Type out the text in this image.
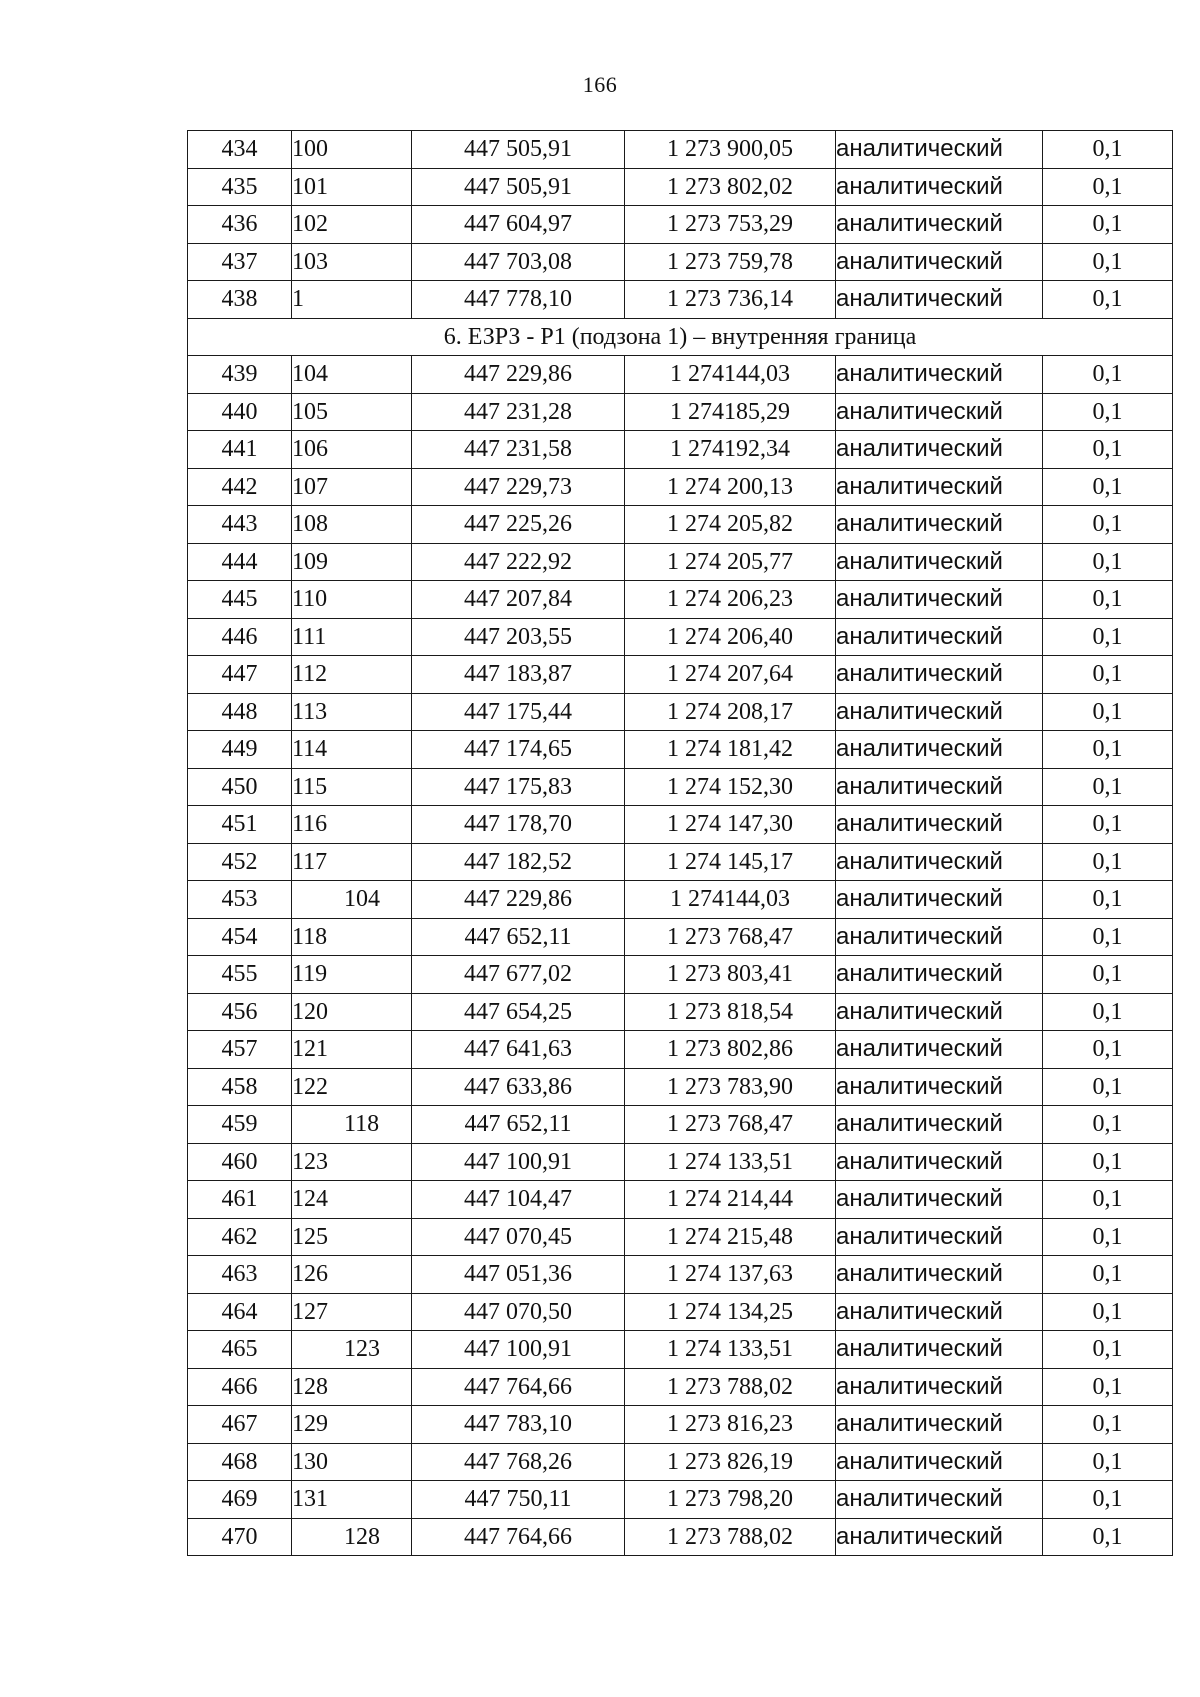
166
434	100	447 505,91	1 273 900,05	аналитический	0,1
435	101	447 505,91	1 273 802,02	аналитический	0,1
436	102	447 604,97	1 273 753,29	аналитический	0,1
437	103	447 703,08	1 273 759,78	аналитический	0,1
438	1	447 778,10	1 273 736,14	аналитический	0,1
6. ЕЗРЗ - Р1 (подзона 1) – внутренняя граница					
439	104	447 229,86	1 274144,03	аналитический	0,1
440	105	447 231,28	1 274185,29	аналитический	0,1
441	106	447 231,58	1 274192,34	аналитический	0,1
442	107	447 229,73	1 274 200,13	аналитический	0,1
443	108	447 225,26	1 274 205,82	аналитический	0,1
444	109	447 222,92	1 274 205,77	аналитический	0,1
445	110	447 207,84	1 274 206,23	аналитический	0,1
446	111	447 203,55	1 274 206,40	аналитический	0,1
447	112	447 183,87	1 274 207,64	аналитический	0,1
448	113	447 175,44	1 274 208,17	аналитический	0,1
449	114	447 174,65	1 274 181,42	аналитический	0,1
450	115	447 175,83	1 274 152,30	аналитический	0,1
451	116	447 178,70	1 274 147,30	аналитический	0,1
452	117	447 182,52	1 274 145,17	аналитический	0,1
453	104	447 229,86	1 274144,03	аналитический	0,1
454	118	447 652,11	1 273 768,47	аналитический	0,1
455	119	447 677,02	1 273 803,41	аналитический	0,1
456	120	447 654,25	1 273 818,54	аналитический	0,1
457	121	447 641,63	1 273 802,86	аналитический	0,1
458	122	447 633,86	1 273 783,90	аналитический	0,1
459	118	447 652,11	1 273 768,47	аналитический	0,1
460	123	447 100,91	1 274 133,51	аналитический	0,1
461	124	447 104,47	1 274 214,44	аналитический	0,1
462	125	447 070,45	1 274 215,48	аналитический	0,1
463	126	447 051,36	1 274 137,63	аналитический	0,1
464	127	447 070,50	1 274 134,25	аналитический	0,1
465	123	447 100,91	1 274 133,51	аналитический	0,1
466	128	447 764,66	1 273 788,02	аналитический	0,1
467	129	447 783,10	1 273 816,23	аналитический	0,1
468	130	447 768,26	1 273 826,19	аналитический	0,1
469	131	447 750,11	1 273 798,20	аналитический	0,1
470	128	447 764,66	1 273 788,02	аналитический	0,1
